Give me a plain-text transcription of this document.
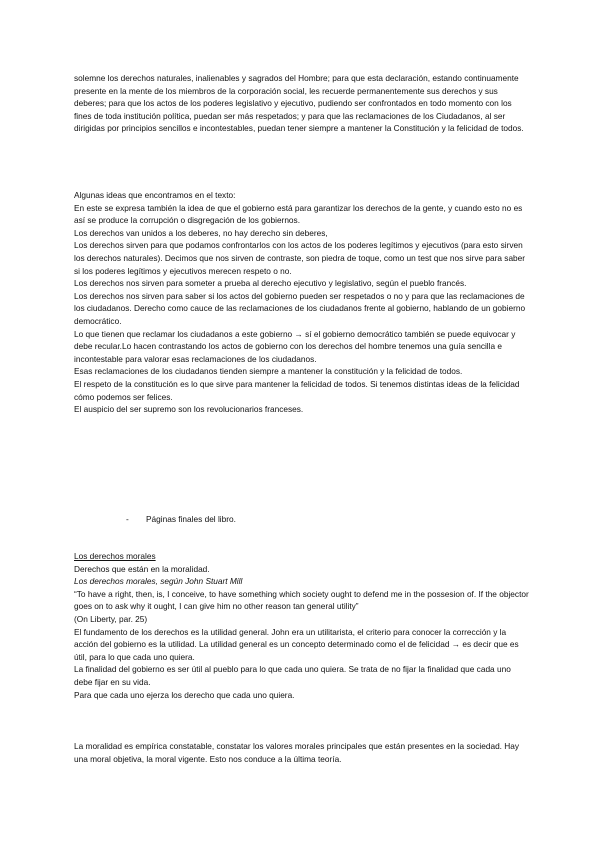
solemne los derechos naturales, inalienables y sagrados del Hombre; para que esta declaración, estando continuamente presente en la mente de los miembros de la corporación social, les recuerde permanentemente sus derechos y sus deberes; para que los actos de los poderes legislativo y ejecutivo, pudiendo ser confrontados en todo momento con los fines de toda institución política, puedan ser más respetados; y para que las reclamaciones de los Ciudadanos, al ser dirigidas por principios sencillos e incontestables, puedan tener siempre a mantener la Constitución y la felicidad de todos.

Algunas ideas que encontramos en el texto:

En este se expresa también la idea de que el gobierno está para garantizar los derechos de la gente, y cuando esto no es así se produce la corrupción o disgregación de los gobiernos.

Los derechos van unidos a los deberes, no hay derecho sin deberes,

Los derechos sirven para que podamos confrontarlos con los actos de los poderes legítimos y ejecutivos (para esto sirven los derechos naturales). Decimos que nos sirven de contraste, son piedra de toque, como un test que nos sirve para saber si los poderes legítimos y ejecutivos merecen respeto o no.

Los derechos nos sirven para someter a prueba al derecho ejecutivo y legislativo, según el pueblo francés.

Los derechos nos sirven para saber si los actos del gobierno pueden ser respetados o no y para que las reclamaciones de los ciudadanos. Derecho como cauce de las reclamaciones de los ciudadanos frente al gobierno, hablando de un gobierno democrático.

Lo que tienen que reclamar los ciudadanos a este gobierno → sí el gobierno democrático también se puede equivocar y debe recular.Lo hacen contrastando los actos de gobierno con los derechos del hombre tenemos una guía sencilla e incontestable para valorar esas reclamaciones de los ciudadanos.

Esas reclamaciones de los ciudadanos tienden siempre a mantener la constitución y la felicidad de todos.

El respeto de la constitución es lo que sirve para mantener la felicidad de todos. Si tenemos distintas ideas de la felicidad cómo podemos ser felices.

El auspicio del ser supremo son los revolucionarios franceses.

- Páginas finales del libro.

Los derechos morales

Derechos que están en la moralidad.

Los derechos morales, según John Stuart Mill

“To have a right, then, is, I conceive, to have something which society ought to defend me in the possesion of. If the objector goes on to ask why it ought, I can give him no other reason tan general utility”

(On Liberty, par. 25)

El fundamento de los derechos es la utilidad general. John era un utilitarista, el criterio para conocer la corrección y la acción del gobierno es la utilidad. La utilidad general es un concepto determinado como el de felicidad → es decir que es útil, para lo que cada uno quiera.

La finalidad del gobierno es ser útil al pueblo para lo que cada uno quiera. Se trata de no fijar la finalidad que cada uno debe fijar en su vida.

Para que cada uno ejerza los derecho que cada uno quiera.

La moralidad es empírica constatable, constatar los valores morales principales que están presentes en la sociedad. Hay una moral objetiva, la moral vigente. Esto nos conduce a la última teoría.
